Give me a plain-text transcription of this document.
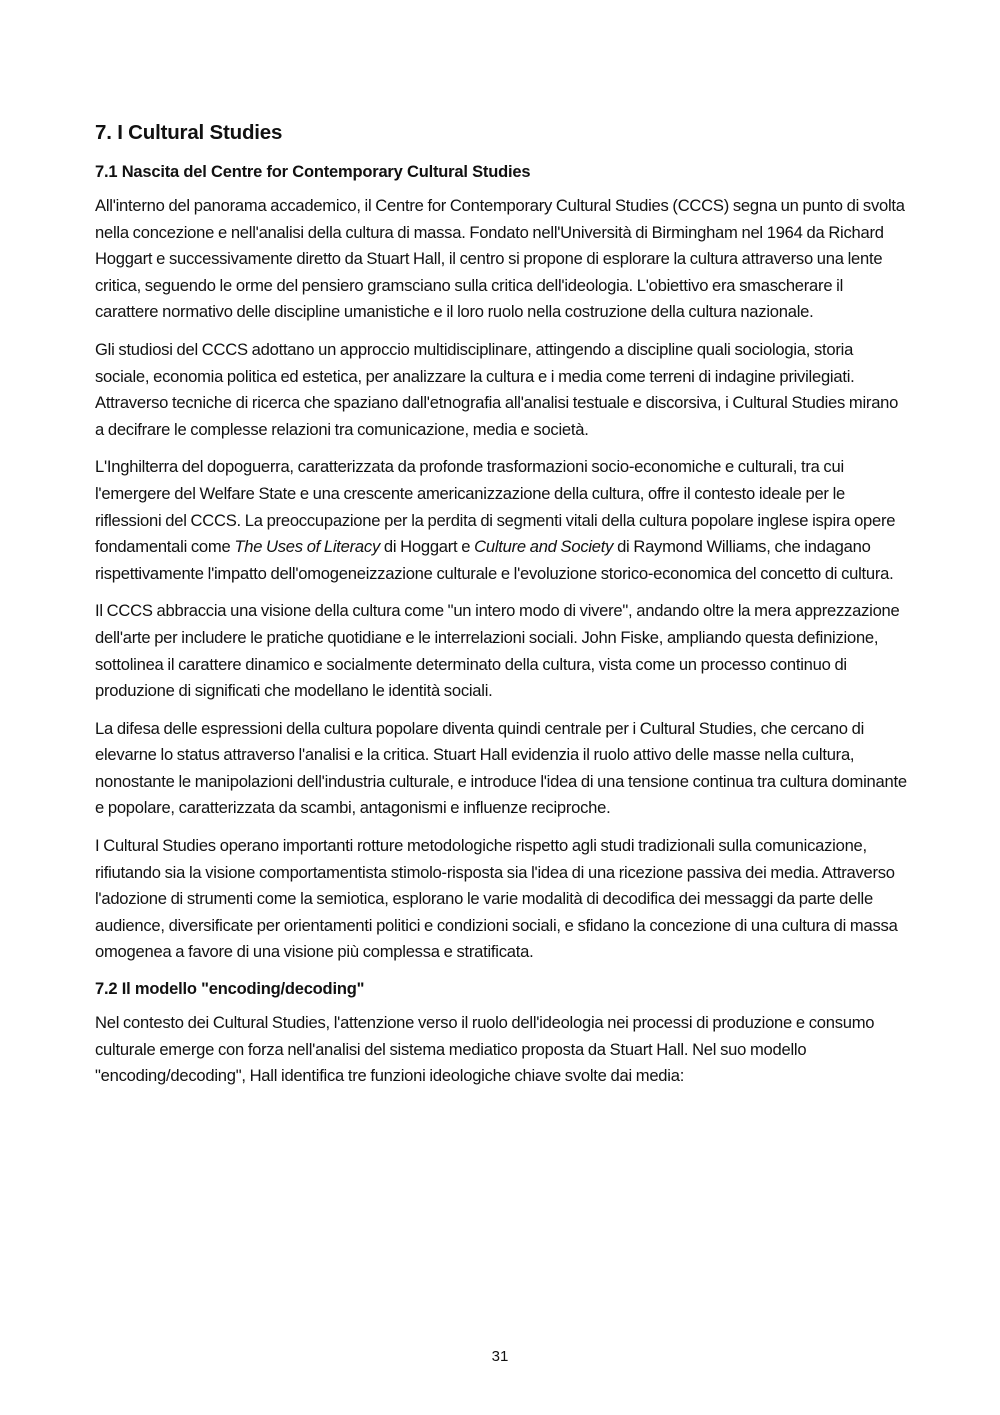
7. I Cultural Studies
7.1 Nascita del Centre for Contemporary Cultural Studies

All'interno del panorama accademico, il Centre for Contemporary Cultural Studies (CCCS) segna un punto di svolta nella concezione e nell'analisi della cultura di massa. Fondato nell'Università di Birmingham nel 1964 da Richard Hoggart e successivamente diretto da Stuart Hall, il centro si propone di esplorare la cultura attraverso una lente critica, seguendo le orme del pensiero gramsciano sulla critica dell'ideologia. L'obiettivo era smascherare il carattere normativo delle discipline umanistiche e il loro ruolo nella costruzione della cultura nazionale.

Gli studiosi del CCCS adottano un approccio multidisciplinare, attingendo a discipline quali sociologia, storia sociale, economia politica ed estetica, per analizzare la cultura e i media come terreni di indagine privilegiati. Attraverso tecniche di ricerca che spaziano dall'etnografia all'analisi testuale e discorsiva, i Cultural Studies mirano a decifrare le complesse relazioni tra comunicazione, media e società.

L'Inghilterra del dopoguerra, caratterizzata da profonde trasformazioni socio-economiche e culturali, tra cui l'emergere del Welfare State e una crescente americanizzazione della cultura, offre il contesto ideale per le riflessioni del CCCS. La preoccupazione per la perdita di segmenti vitali della cultura popolare inglese ispira opere fondamentali come The Uses of Literacy di Hoggart e Culture and Society di Raymond Williams, che indagano rispettivamente l'impatto dell'omogeneizzazione culturale e l'evoluzione storico-economica del concetto di cultura.

Il CCCS abbraccia una visione della cultura come "un intero modo di vivere", andando oltre la mera apprezzazione dell'arte per includere le pratiche quotidiane e le interrelazioni sociali. John Fiske, ampliando questa definizione, sottolinea il carattere dinamico e socialmente determinato della cultura, vista come un processo continuo di produzione di significati che modellano le identità sociali.

La difesa delle espressioni della cultura popolare diventa quindi centrale per i Cultural Studies, che cercano di elevarne lo status attraverso l'analisi e la critica. Stuart Hall evidenzia il ruolo attivo delle masse nella cultura, nonostante le manipolazioni dell'industria culturale, e introduce l'idea di una tensione continua tra cultura dominante e popolare, caratterizzata da scambi, antagonismi e influenze reciproche.

I Cultural Studies operano importanti rotture metodologiche rispetto agli studi tradizionali sulla comunicazione, rifiutando sia la visione comportamentista stimolo-risposta sia l'idea di una ricezione passiva dei media. Attraverso l'adozione di strumenti come la semiotica, esplorano le varie modalità di decodifica dei messaggi da parte delle audience, diversificate per orientamenti politici e condizioni sociali, e sfidano la concezione di una cultura di massa omogenea a favore di una visione più complessa e stratificata.

7.2 Il modello "encoding/decoding"

Nel contesto dei Cultural Studies, l'attenzione verso il ruolo dell'ideologia nei processi di produzione e consumo culturale emerge con forza nell'analisi del sistema mediatico proposta da Stuart Hall. Nel suo modello "encoding/decoding", Hall identifica tre funzioni ideologiche chiave svolte dai media:

31
